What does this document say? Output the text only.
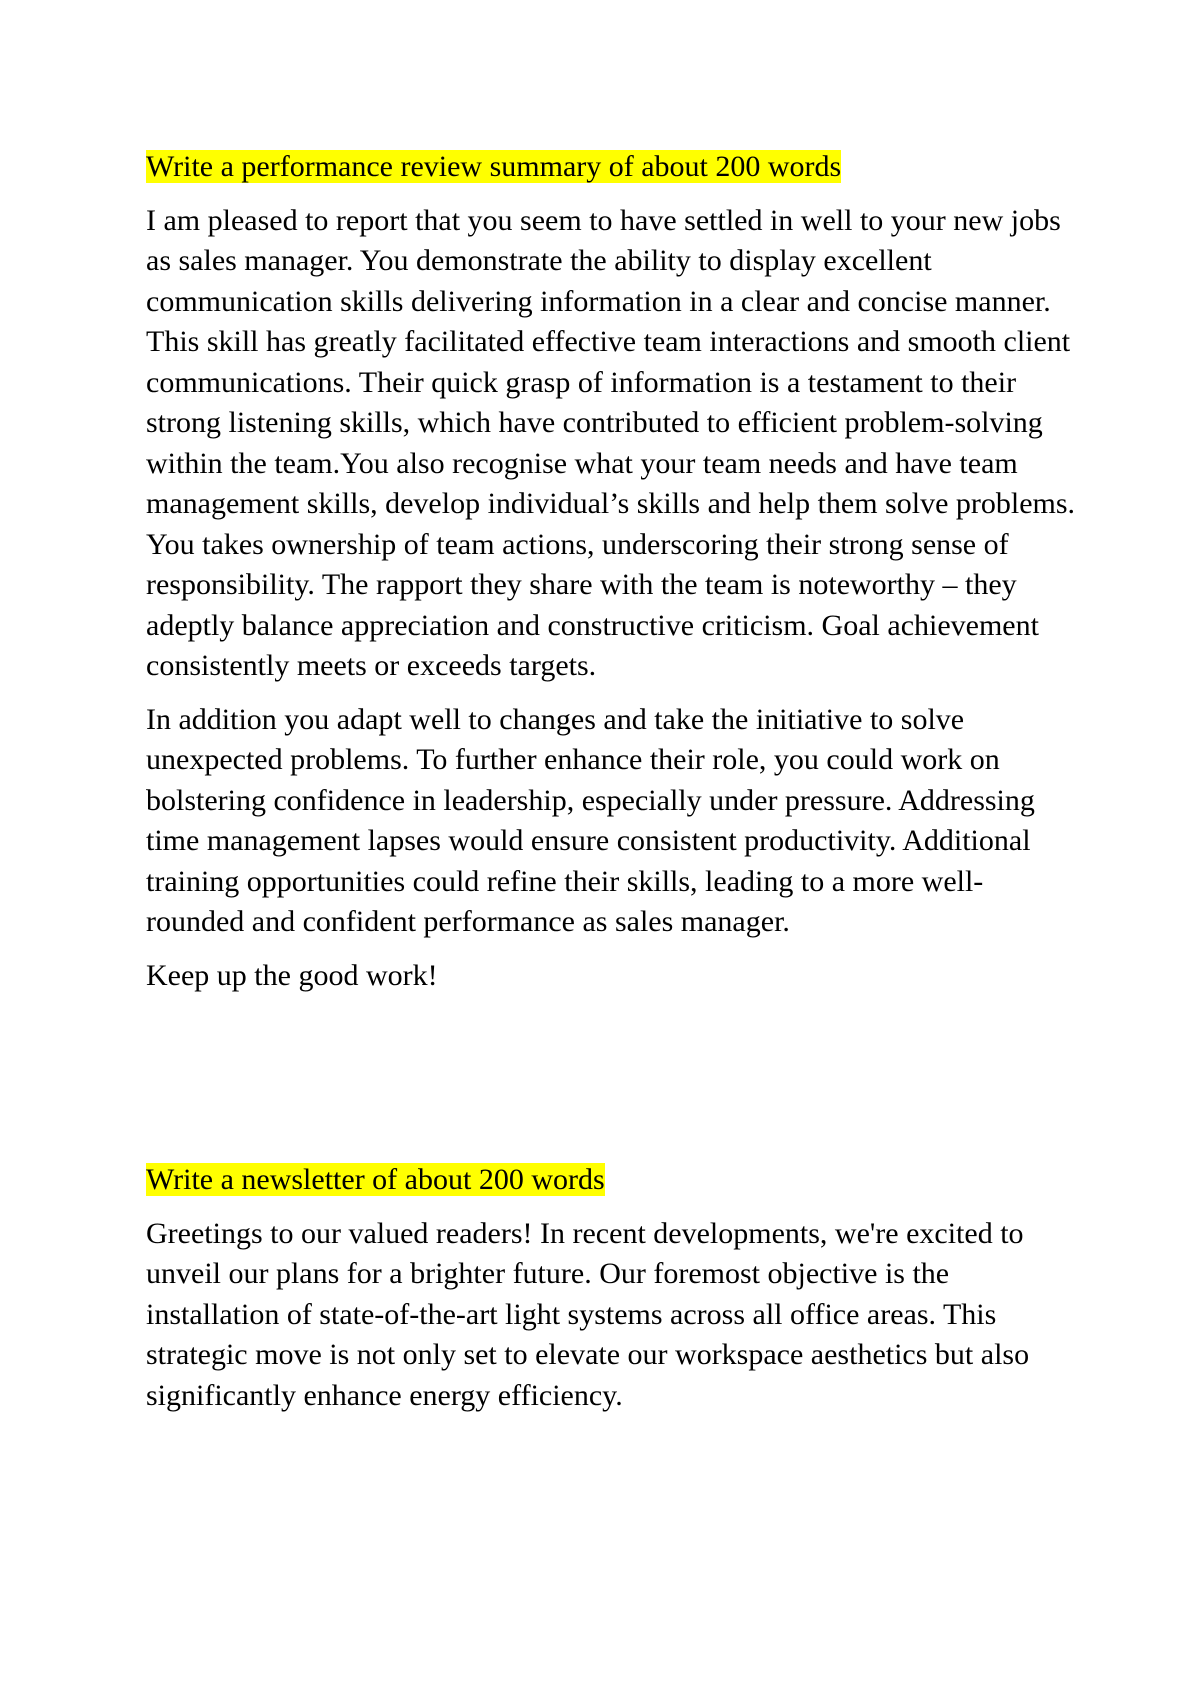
Write a performance review summary of about 200 words

I am pleased to report that you seem to have settled in well to your new jobs as sales manager. You demonstrate the ability to display excellent communication skills delivering information in a clear and concise manner. This skill has greatly facilitated effective team interactions and smooth client communications. Their quick grasp of information is a testament to their strong listening skills, which have contributed to efficient problem-solving within the team.You also recognise what your team needs and have team management skills, develop individual’s skills and help them solve problems. You takes ownership of team actions, underscoring their strong sense of responsibility. The rapport they share with the team is noteworthy – they adeptly balance appreciation and constructive criticism. Goal achievement consistently meets or exceeds targets.

In addition you adapt well to changes and take the initiative to solve unexpected problems. To further enhance their role, you could work on bolstering confidence in leadership, especially under pressure. Addressing time management lapses would ensure consistent productivity. Additional training opportunities could refine their skills, leading to a more well-rounded and confident performance as sales manager.

Keep up the good work!

Write a newsletter of about 200 words

Greetings to our valued readers! In recent developments, we're excited to unveil our plans for a brighter future. Our foremost objective is the installation of state-of-the-art light systems across all office areas. This strategic move is not only set to elevate our workspace aesthetics but also significantly enhance energy efficiency.
